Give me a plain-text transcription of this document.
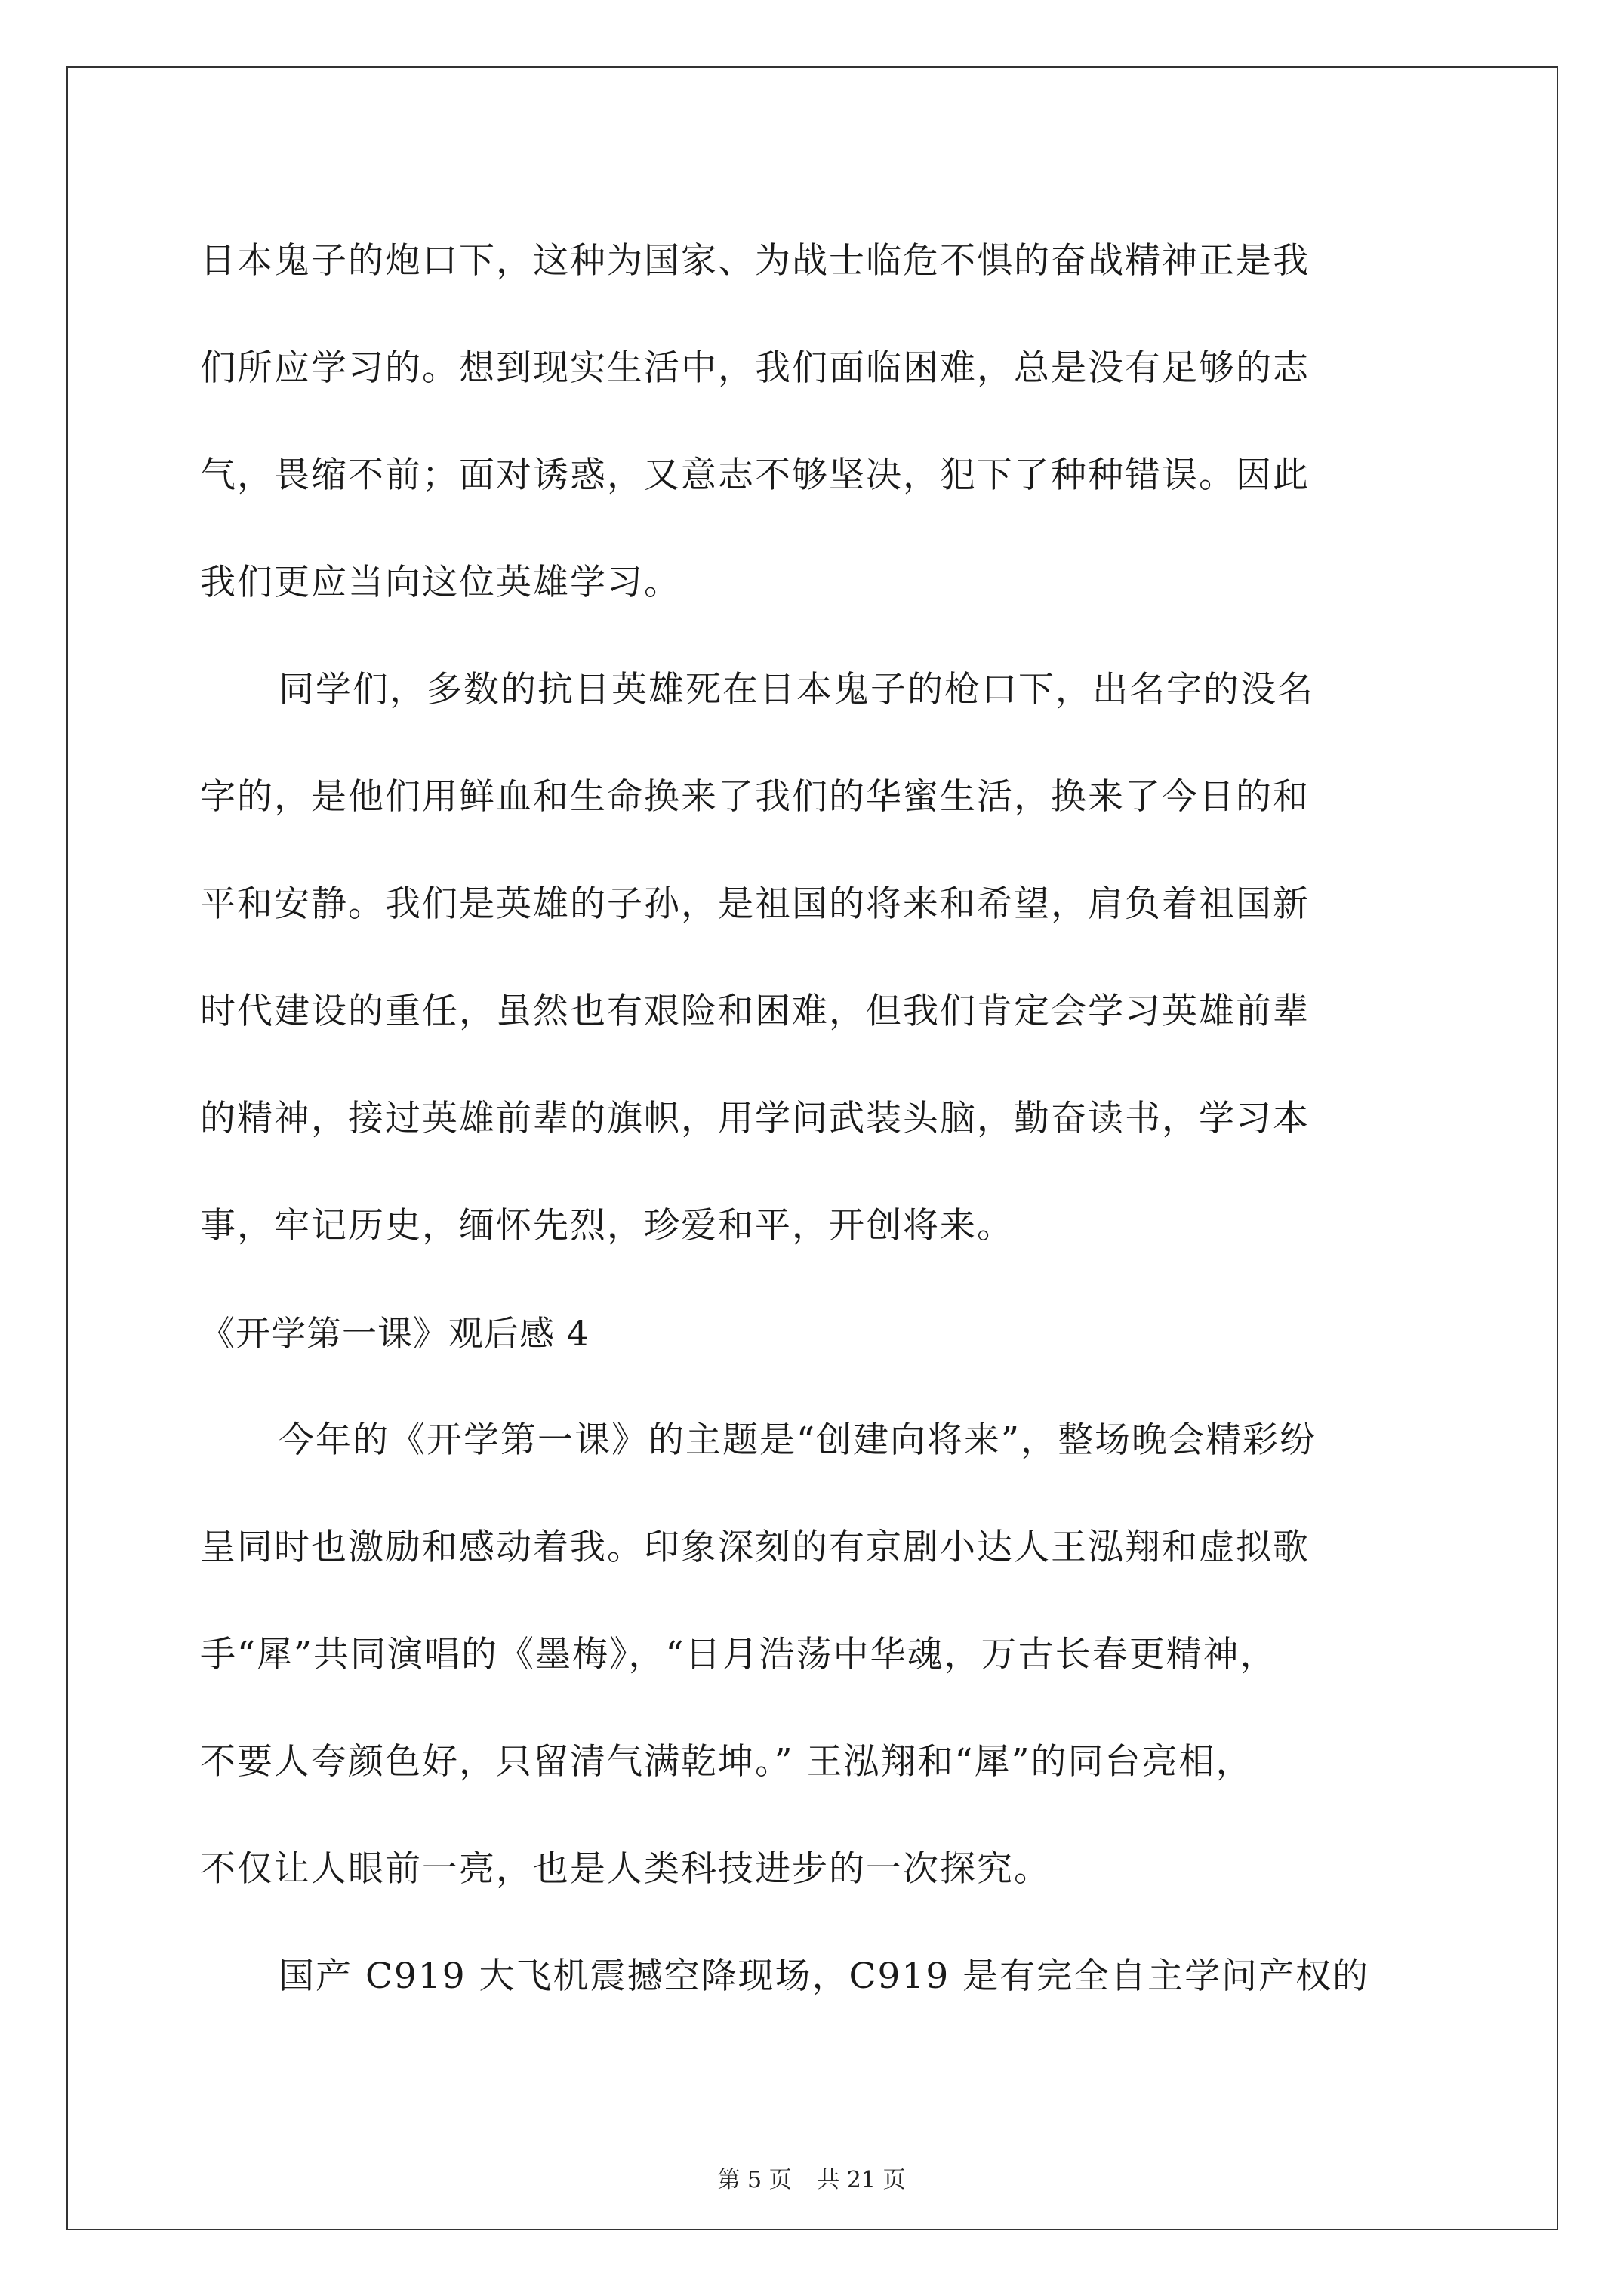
日本鬼子的炮口下，这种为国家、为战士临危不惧的奋战精神正是我
们所应学习的。想到现实生活中，我们面临困难，总是没有足够的志
气，畏缩不前；面对诱惑，又意志不够坚决，犯下了种种错误。因此
我们更应当向这位英雄学习。
同学们，多数的抗日英雄死在日本鬼子的枪口下，出名字的没名
字的，是他们用鲜血和生命换来了我们的华蜜生活，换来了今日的和
平和安静。我们是英雄的子孙，是祖国的将来和希望，肩负着祖国新
时代建设的重任，虽然也有艰险和困难，但我们肯定会学习英雄前辈
的精神，接过英雄前辈的旗帜，用学问武装头脑，勤奋读书，学习本
事，牢记历史，缅怀先烈，珍爱和平，开创将来。
《开学第一课》观后感 4
今年的《开学第一课》的主题是“创建向将来”，整场晚会精彩纷
呈同时也激励和感动着我。印象深刻的有京剧小达人王泓翔和虚拟歌
手“犀”共同演唱的《墨梅》，“日月浩荡中华魂，万古长春更精神，
不要人夸颜色好，只留清气满乾坤。” 王泓翔和“犀”的同台亮相，
不仅让人眼前一亮，也是人类科技进步的一次探究。
国产 C919 大飞机震撼空降现场，C919 是有完全自主学问产权的
第 5 页 共 21 页
